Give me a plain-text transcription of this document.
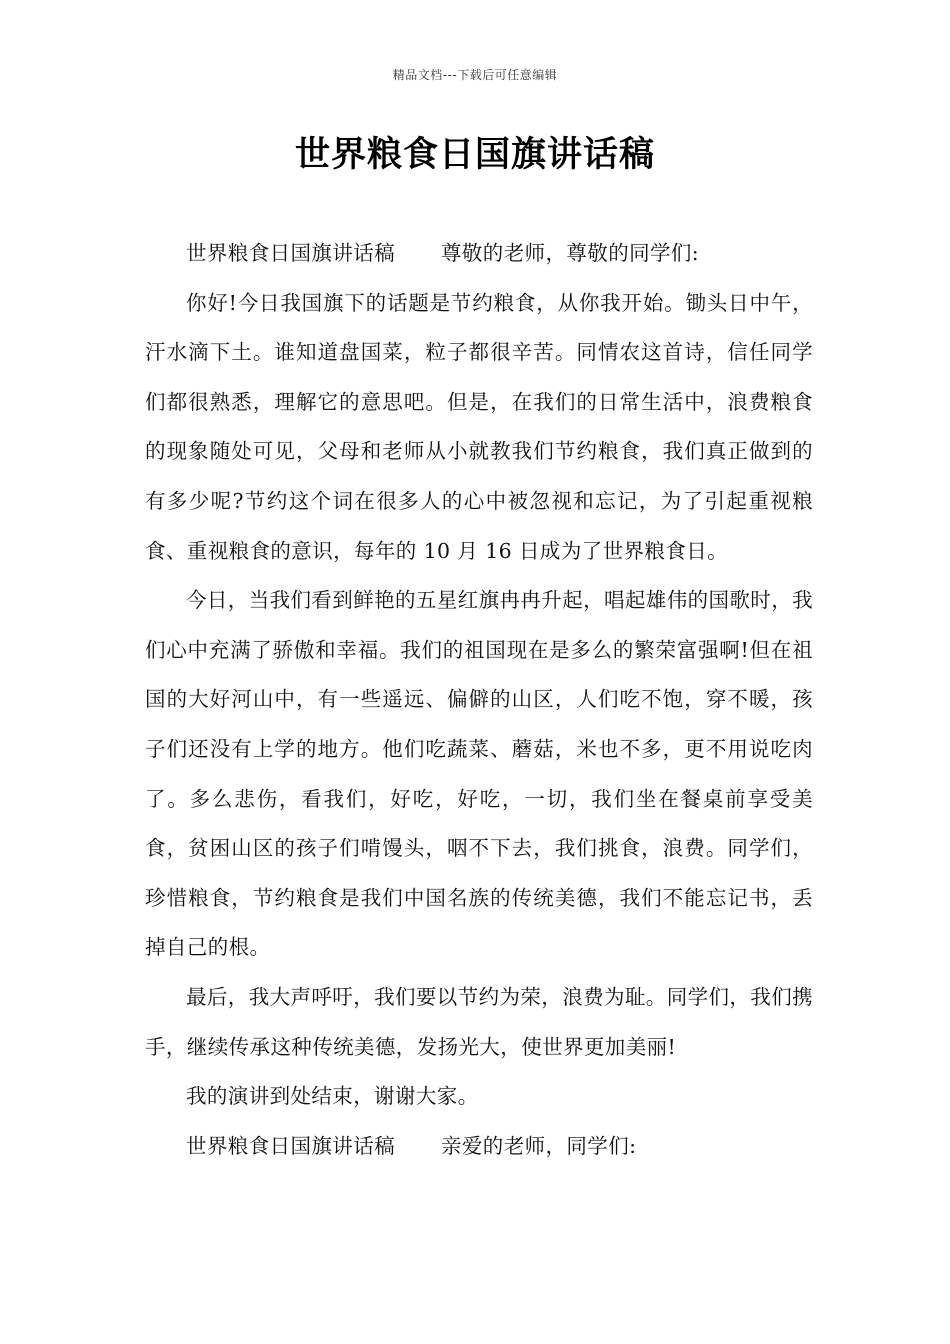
精品文档---下载后可任意编辑
世界粮食日国旗讲话稿

世界粮食日国旗讲话稿 尊敬的老师，尊敬的同学们:

你好!今日我国旗下的话题是节约粮食，从你我开始。锄头日中午，汗水滴下土。谁知道盘国菜，粒子都很辛苦。同情农这首诗，信任同学们都很熟悉，理解它的意思吧。但是，在我们的日常生活中，浪费粮食的现象随处可见，父母和老师从小就教我们节约粮食，我们真正做到的有多少呢?节约这个词在很多人的心中被忽视和忘记，为了引起重视粮食、重视粮食的意识，每年的 10 月 16 日成为了世界粮食日。

今日，当我们看到鲜艳的五星红旗冉冉升起，唱起雄伟的国歌时，我们心中充满了骄傲和幸福。我们的祖国现在是多么的繁荣富强啊!但在祖国的大好河山中，有一些遥远、偏僻的山区，人们吃不饱，穿不暖，孩子们还没有上学的地方。他们吃蔬菜、蘑菇，米也不多，更不用说吃肉了。多么悲伤，看我们，好吃，好吃，一切，我们坐在餐桌前享受美食，贫困山区的孩子们啃馒头，咽不下去，我们挑食，浪费。同学们，珍惜粮食，节约粮食是我们中国名族的传统美德，我们不能忘记书，丢掉自己的根。

最后，我大声呼吁，我们要以节约为荣，浪费为耻。同学们，我们携手，继续传承这种传统美德，发扬光大，使世界更加美丽!

我的演讲到处结束，谢谢大家。

世界粮食日国旗讲话稿 亲爱的老师，同学们:
